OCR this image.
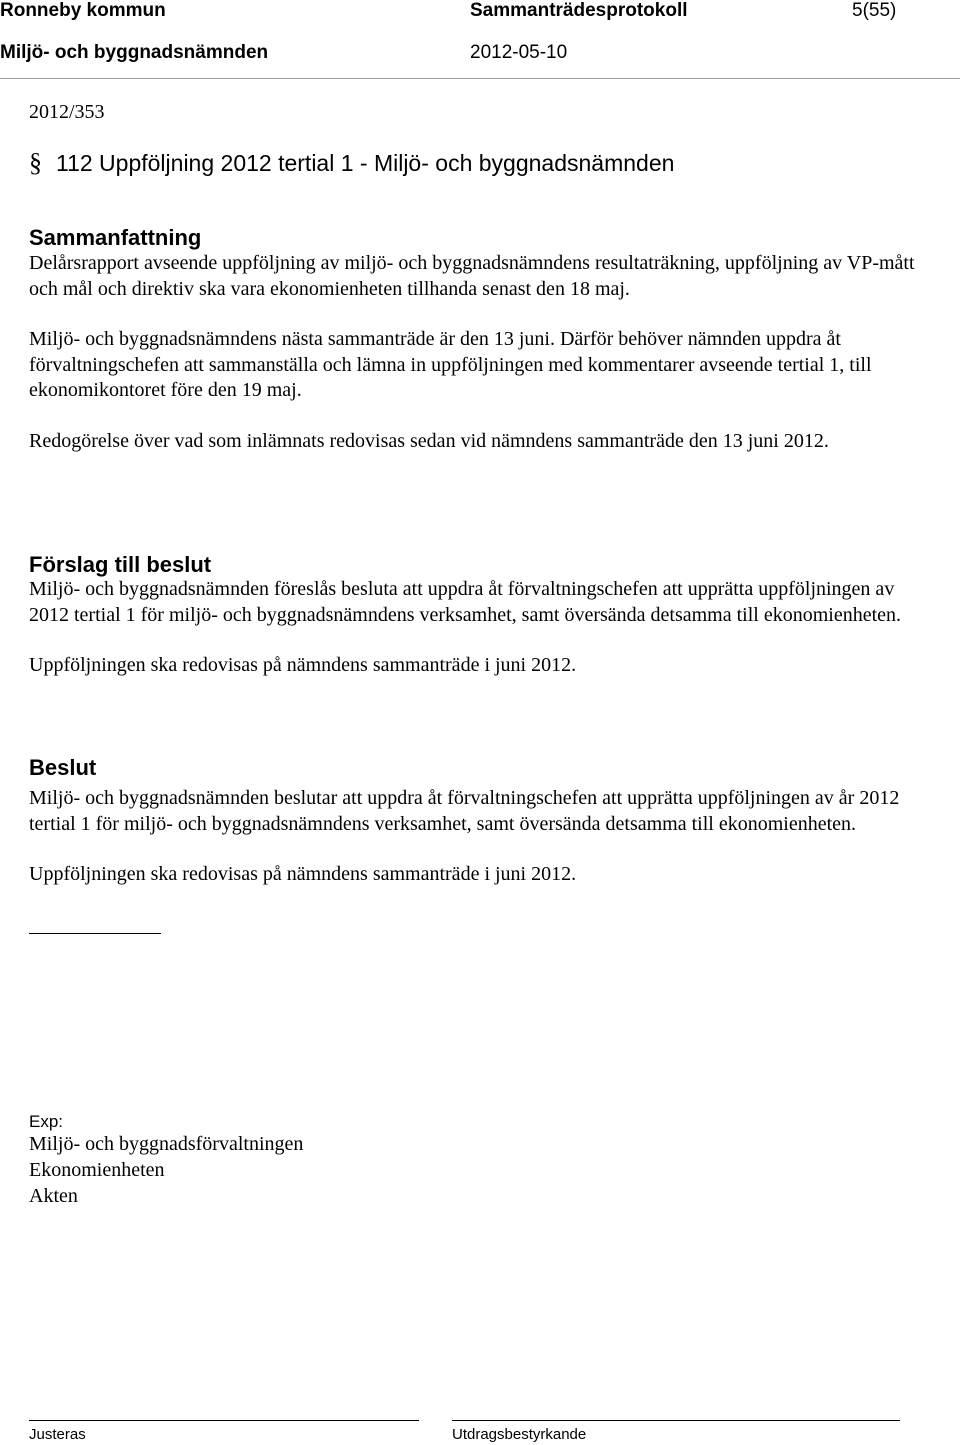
Ronneby kommun	Sammanträdesprotokoll	5(55)
Miljö- och byggnadsnämnden	2012-05-10
2012/353
§ 112 Uppföljning 2012 tertial 1 - Miljö- och byggnadsnämnden
Sammanfattning

Delårsrapport avseende uppföljning av miljö- och byggnadsnämndens resultaträkning, uppföljning av VP-mått och mål och direktiv ska vara ekonomienheten tillhanda senast den 18 maj.

Miljö- och byggnadsnämndens nästa sammanträde är den 13 juni. Därför behöver nämnden uppdra åt förvaltningschefen att sammanställa och lämna in uppföljningen med kommentarer avseende tertial 1, till ekonomikontoret före den 19 maj.

Redogörelse över vad som inlämnats redovisas sedan vid nämndens sammanträde den 13 juni 2012.

Förslag till beslut

Miljö- och byggnadsnämnden föreslås besluta att uppdra åt förvaltningschefen att upprätta uppföljningen av 2012 tertial 1 för miljö- och byggnadsnämndens verksamhet, samt översända detsamma till ekonomienheten.

Uppföljningen ska redovisas på nämndens sammanträde i juni 2012.

Beslut

Miljö- och byggnadsnämnden beslutar att uppdra åt förvaltningschefen att upprätta uppföljningen av år 2012 tertial 1 för miljö- och byggnadsnämndens verksamhet, samt översända detsamma till ekonomienheten.

Uppföljningen ska redovisas på nämndens sammanträde i juni 2012.

Exp:
Miljö- och byggnadsförvaltningen
Ekonomienheten
Akten
Justeras	Utdragsbestyrkande
